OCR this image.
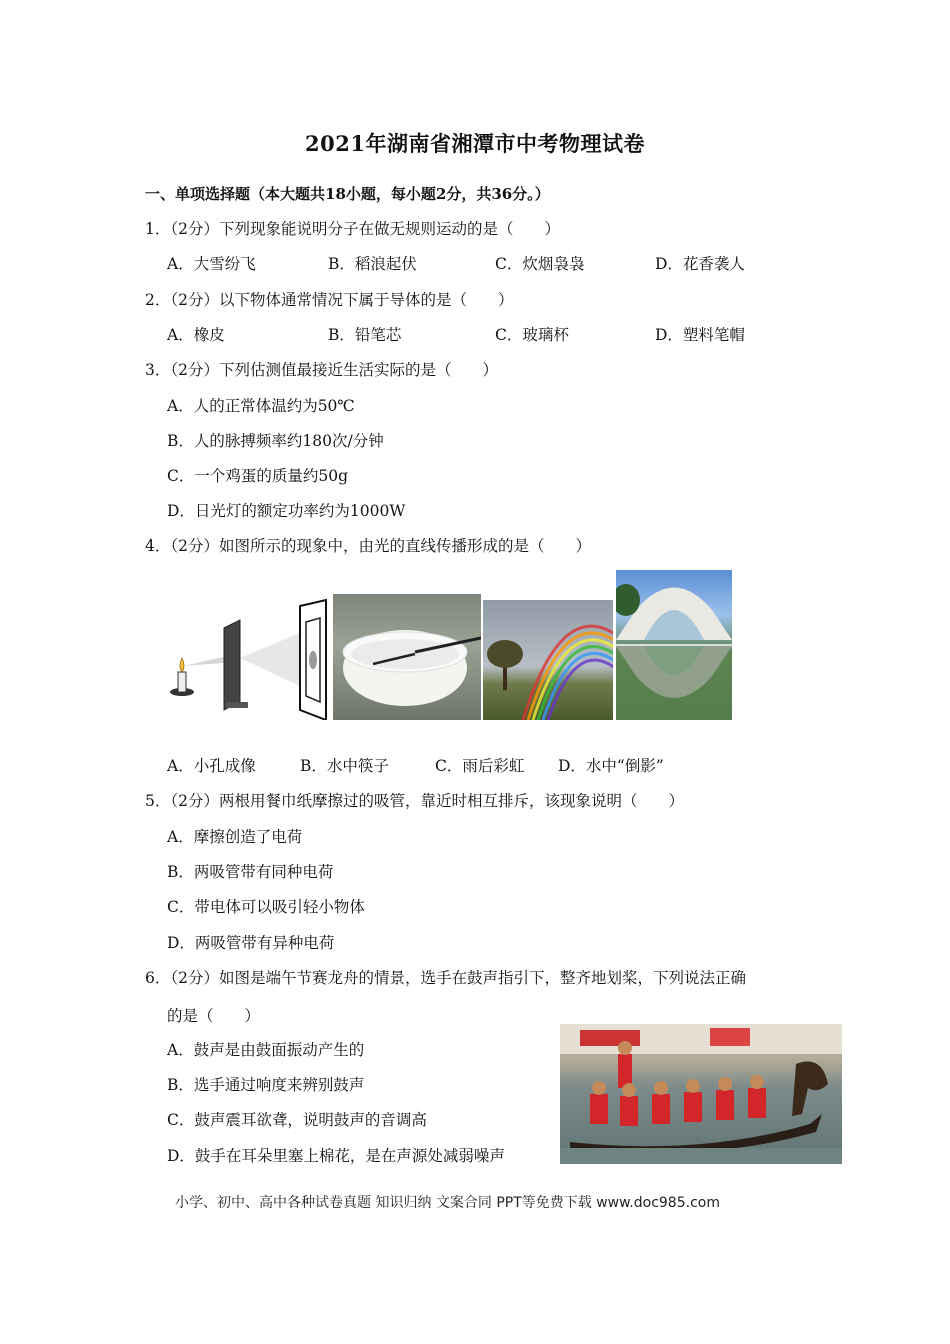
2021年湖南省湘潭市中考物理试卷
一、单项选择题（本大题共18小题，每小题2分，共36分。）
1．（2分）下列现象能说明分子在做无规则运动的是（　　）
A．大雪纷飞	B．稻浪起伏	C．炊烟袅袅	D．花香袭人
2．（2分）以下物体通常情况下属于导体的是（　　）
A．橡皮	B．铅笔芯	C．玻璃杯	D．塑料笔帽
3．（2分）下列估测值最接近生活实际的是（　　）
A．人的正常体温约为50℃
B．人的脉搏频率约180次/分钟
C．一个鸡蛋的质量约50g
D．日光灯的额定功率约为1000W
4．（2分）如图所示的现象中，由光的直线传播形成的是（　　）
A．小孔成像	B．水中筷子	C．雨后彩虹 D．水中“倒影”
5．（2分）两根用餐巾纸摩擦过的吸管，靠近时相互排斥，该现象说明（　　）
A．摩擦创造了电荷
B．两吸管带有同种电荷
C．带电体可以吸引轻小物体
D．两吸管带有异种电荷
6．（2分）如图是端午节赛龙舟的情景，选手在鼓声指引下，整齐地划桨，下列说法正确
的是（　　）
A．鼓声是由鼓面振动产生的
B．选手通过响度来辨别鼓声
C．鼓声震耳欲聋，说明鼓声的音调高
D．鼓手在耳朵里塞上棉花，是在声源处减弱噪声
小学、初中、高中各种试卷真题 知识归纳 文案合同 PPT等免费下载 www.doc985.com
